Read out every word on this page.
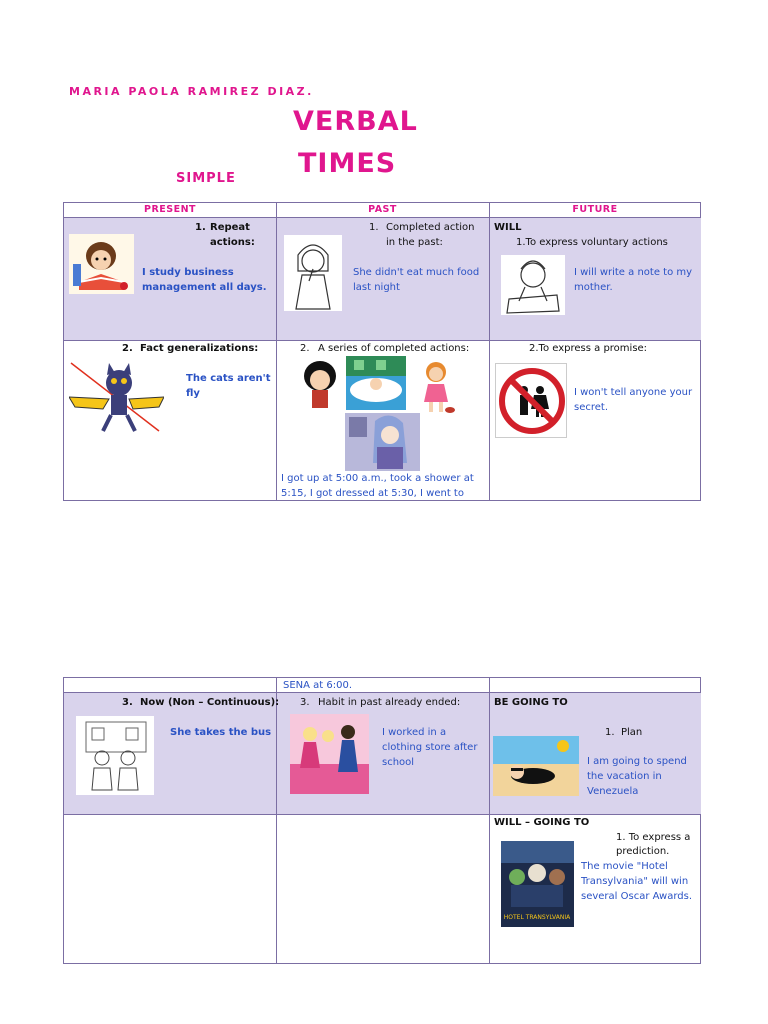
MARIA PAOLA RAMIREZ DIAZ.
VERBAL
TIMES
SIMPLE
PRESENT	PAST	FUTURE
1. Repeat
actions:
I study business
management all days.
1. Completed action
in the past:
She didn't eat much food
last night
WILL
1.To express voluntary actions
I will write a note to my
mother.
2. Fact generalizations:
The cats aren't
fly
2. A series of completed actions:
I got up at 5:00 a.m., took a shower at
5:15, I got dressed at 5:30, I went to
2.To express a promise:
I won't tell anyone your
secret.
SENA at 6:00.
3. Now (Non – Continuous):
She takes the bus
3. Habit in past already ended:
I worked in a
clothing store after
school
BE GOING TO
1. Plan
I am going to spend
the vacation in
Venezuela
WILL – GOING TO
1. To express a
prediction.
HOTEL TRANSYLVANIA
The movie "Hotel
Transylvania" will win
several Oscar Awards.
